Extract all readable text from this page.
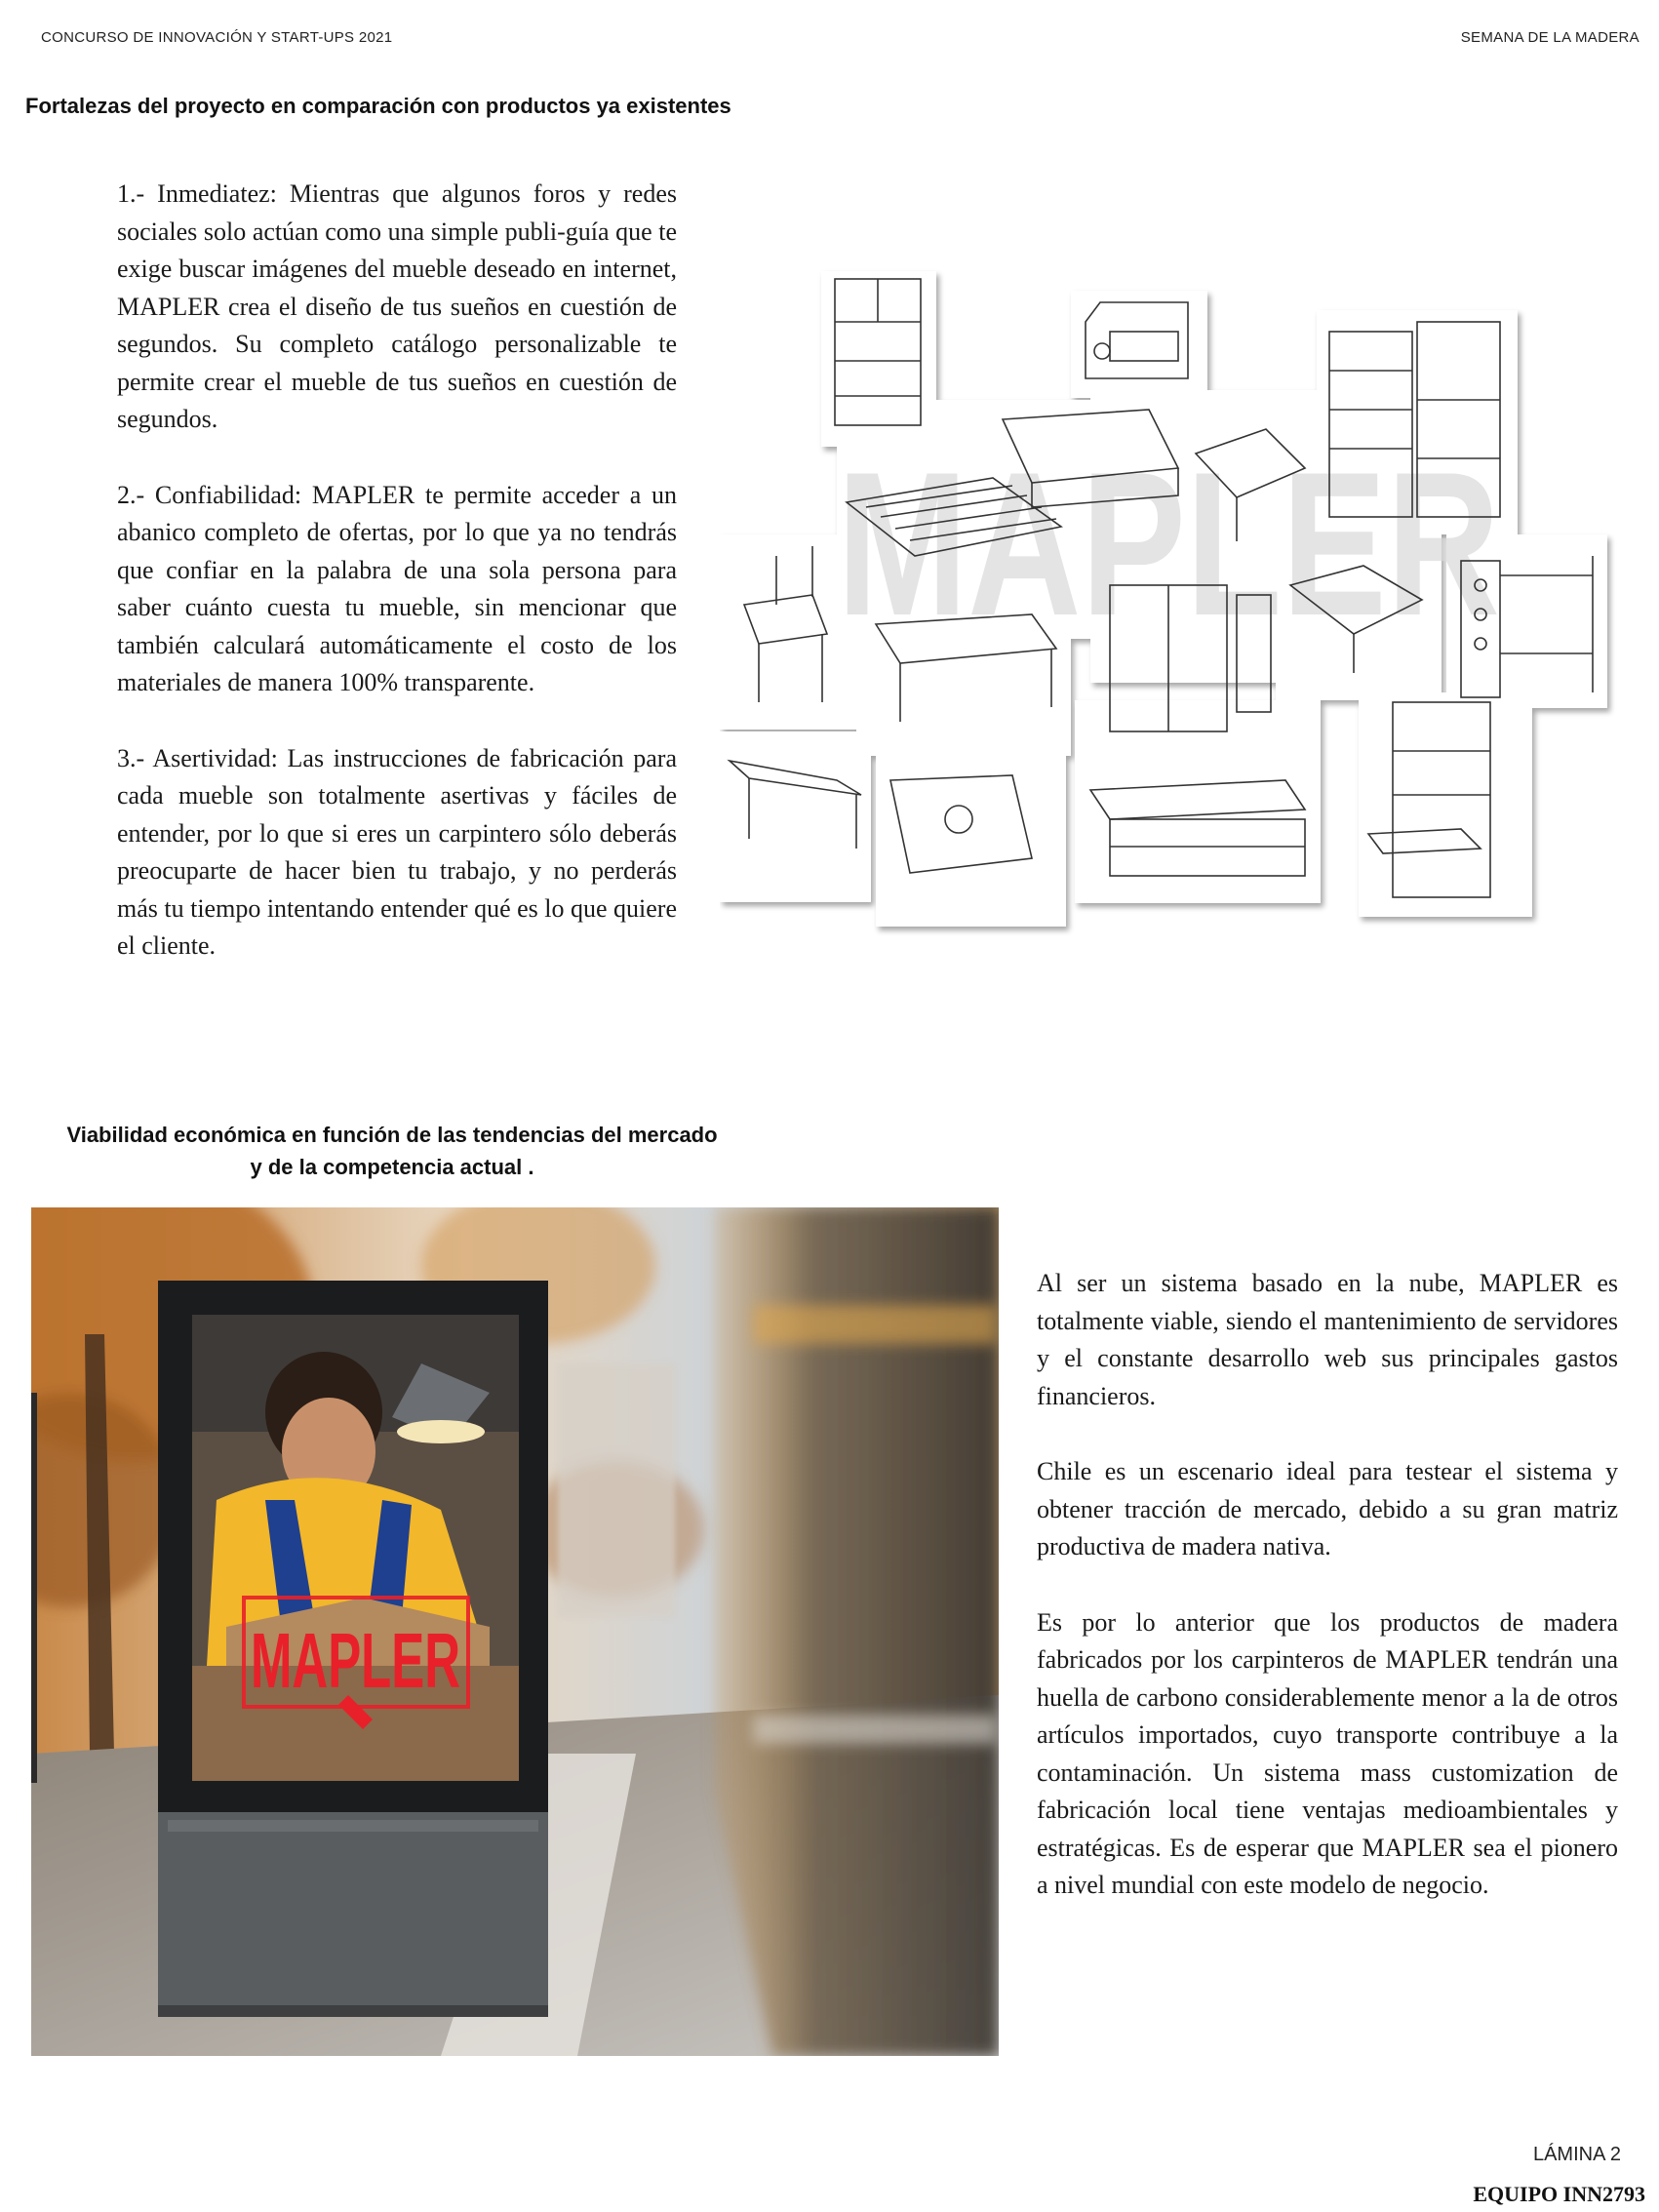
CONCURSO DE INNOVACIÓN Y START-UPS 2021	SEMANA DE LA MADERA
Fortalezas del proyecto en comparación con productos ya existentes

1.- Inmediatez: Mientras que algunos foros y redes sociales solo actúan como una simple publi-guía que te exige buscar imágenes del mueble deseado en internet, MAPLER crea el diseño de tus sueños en cuestión de segundos. Su completo catálogo personalizable te permite crear el mueble de tus sueños en cuestión de segundos.

2.- Confiabilidad: MAPLER te permite acceder a un abanico completo de ofertas, por lo que ya no tendrás que confiar en la palabra de una sola persona para saber cuánto cuesta tu mueble, sin mencionar que también calculará automáticamente el costo de los materiales de manera 100% transparente.

3.- Asertividad: Las instrucciones de fabricación para cada mueble son totalmente asertivas y fáciles de entender, por lo que si eres un carpintero sólo deberás preocuparte de hacer bien tu trabajo, y no perderás más tu tiempo intentando entender qué es lo que quiere el cliente.

MAPLER
Viabilidad económica en función de las tendencias del mercado
y de la competencia actual .
MAPLER

Al ser un sistema basado en la nube, MAPLER es totalmente viable, siendo el mantenimiento de servidores y el constante desarrollo web sus principales gastos financieros.

Chile es un escenario ideal para testear el sistema y obtener tracción de mercado, debido a su gran matriz productiva de madera nativa.

Es por lo anterior que los productos de madera fabricados por los carpinteros de MAPLER tendrán una huella de carbono considerablemente menor a la de otros artículos importados, cuyo transporte contribuye a la contaminación. Un sistema mass customization de fabricación local tiene ventajas medioambientales y estratégicas. Es de esperar que MAPLER sea el pionero a nivel mundial con este modelo de negocio.

LÁMINA 2
EQUIPO INN2793
